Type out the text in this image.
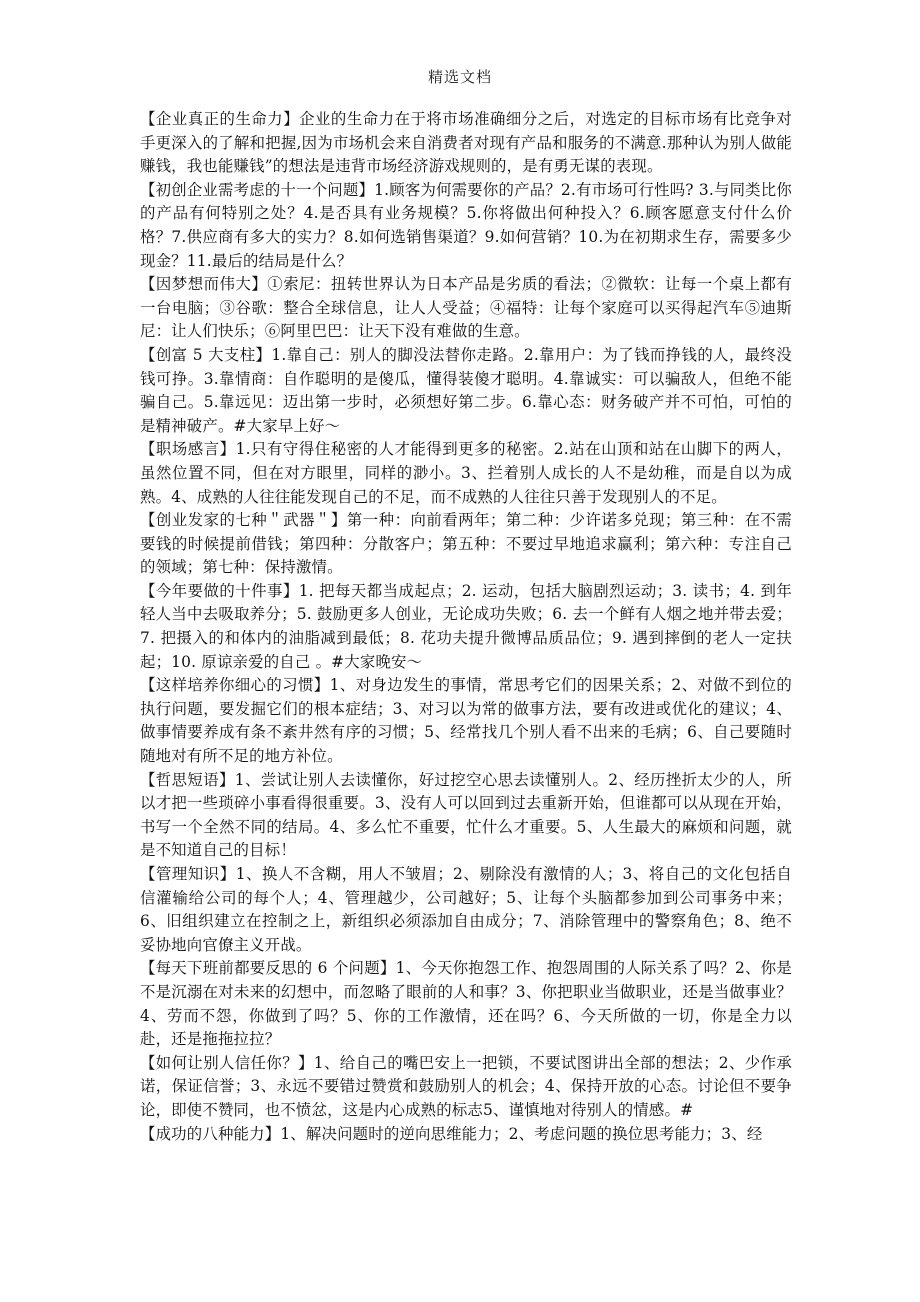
精选文档

【企业真正的生命力】企业的生命力在于将市场准确细分之后，对选定的目标市场有比竞争对手更深入的了解和把握,因为市场机会来自消费者对现有产品和服务的不满意.那种认为别人做能赚钱，我也能赚钱”的想法是违背市场经济游戏规则的，是有勇无谋的表现。

【初创企业需考虑的十一个问题】1.顾客为何需要你的产品？2.有市场可行性吗? 3.与同类比你的产品有何特别之处？4.是否具有业务规模？5.你将做出何种投入？6.顾客愿意支付什么价格？7.供应商有多大的实力？8.如何选销售渠道？9.如何营销？10.为在初期求生存，需要多少现金？11.最后的结局是什么？

【因梦想而伟大】①索尼：扭转世界认为日本产品是劣质的看法；②微软：让每一个桌上都有一台电脑；③谷歌：整合全球信息，让人人受益；④福特：让每个家庭可以买得起汽车⑤迪斯尼：让人们快乐；⑥阿里巴巴：让天下没有难做的生意。

【创富 5 大支柱】1.靠自己：别人的脚没法替你走路。2.靠用户：为了钱而挣钱的人，最终没钱可挣。3.靠情商：自作聪明的是傻瓜，懂得装傻才聪明。4.靠诚实：可以骗敌人，但绝不能骗自己。5.靠远见：迈出第一步时，必须想好第二步。6.靠心态：财务破产并不可怕，可怕的是精神破产。#大家早上好～

【职场感言】1.只有守得住秘密的人才能得到更多的秘密。2.站在山顶和站在山脚下的两人，虽然位置不同，但在对方眼里，同样的渺小。3、拦着别人成长的人不是幼稚，而是自以为成熟。4、成熟的人往往能发现自己的不足，而不成熟的人往往只善于发现别人的不足。

【创业发家的七种＂武器＂】第一种：向前看两年；第二种：少许诺多兑现；第三种：在不需要钱的时候提前借钱；第四种：分散客户；第五种：不要过早地追求赢利；第六种：专注自己的领域；第七种：保持激情。

【今年要做的十件事】1. 把每天都当成起点；2. 运动，包括大脑剧烈运动；3. 读书；4. 到年轻人当中去吸取养分；5. 鼓励更多人创业，无论成功失败；6. 去一个鲜有人烟之地并带去爱；7. 把摄入的和体内的油脂减到最低；8. 花功夫提升微博品质品位；9. 遇到摔倒的老人一定扶起；10. 原谅亲爱的自己 。#大家晚安～

【这样培养你细心的习惯】1、对身边发生的事情，常思考它们的因果关系；2、对做不到位的执行问题，要发掘它们的根本症结；3、对习以为常的做事方法，要有改进或优化的建议；4、做事情要养成有条不紊井然有序的习惯；5、经常找几个别人看不出来的毛病；6、自己要随时随地对有所不足的地方补位。

【哲思短语】1、尝试让别人去读懂你，好过挖空心思去读懂别人。2、经历挫折太少的人，所以才把一些琐碎小事看得很重要。3、没有人可以回到过去重新开始，但谁都可以从现在开始，书写一个全然不同的结局。4、多么忙不重要，忙什么才重要。5、人生最大的麻烦和问题，就是不知道自己的目标！

【管理知识】1、换人不含糊，用人不皱眉；2、剔除没有激情的人；3、将自己的文化包括自信灌输给公司的每个人；4、管理越少，公司越好；5、让每个头脑都参加到公司事务中来；6、旧组织建立在控制之上，新组织必须添加自由成分；7、消除管理中的警察角色；8、绝不妥协地向官僚主义开战。

【每天下班前都要反思的 6 个问题】1、今天你抱怨工作、抱怨周围的人际关系了吗？2、你是不是沉溺在对未来的幻想中，而忽略了眼前的人和事？3、你把职业当做职业，还是当做事业？4、劳而不怨，你做到了吗？5、你的工作激情，还在吗？6、今天所做的一切，你是全力以赴，还是拖拖拉拉？

【如何让别人信任你？】1、给自己的嘴巴安上一把锁，不要试图讲出全部的想法；2、少作承诺，保证信誉；3、永远不要错过赞赏和鼓励别人的机会；4、保持开放的心态。讨论但不要争论，即使不赞同，也不愤忿，这是内心成熟的标志5、谨慎地对待别人的情感。#

【成功的八种能力】1、解决问题时的逆向思维能力；2、考虑问题的换位思考能力；3、经
